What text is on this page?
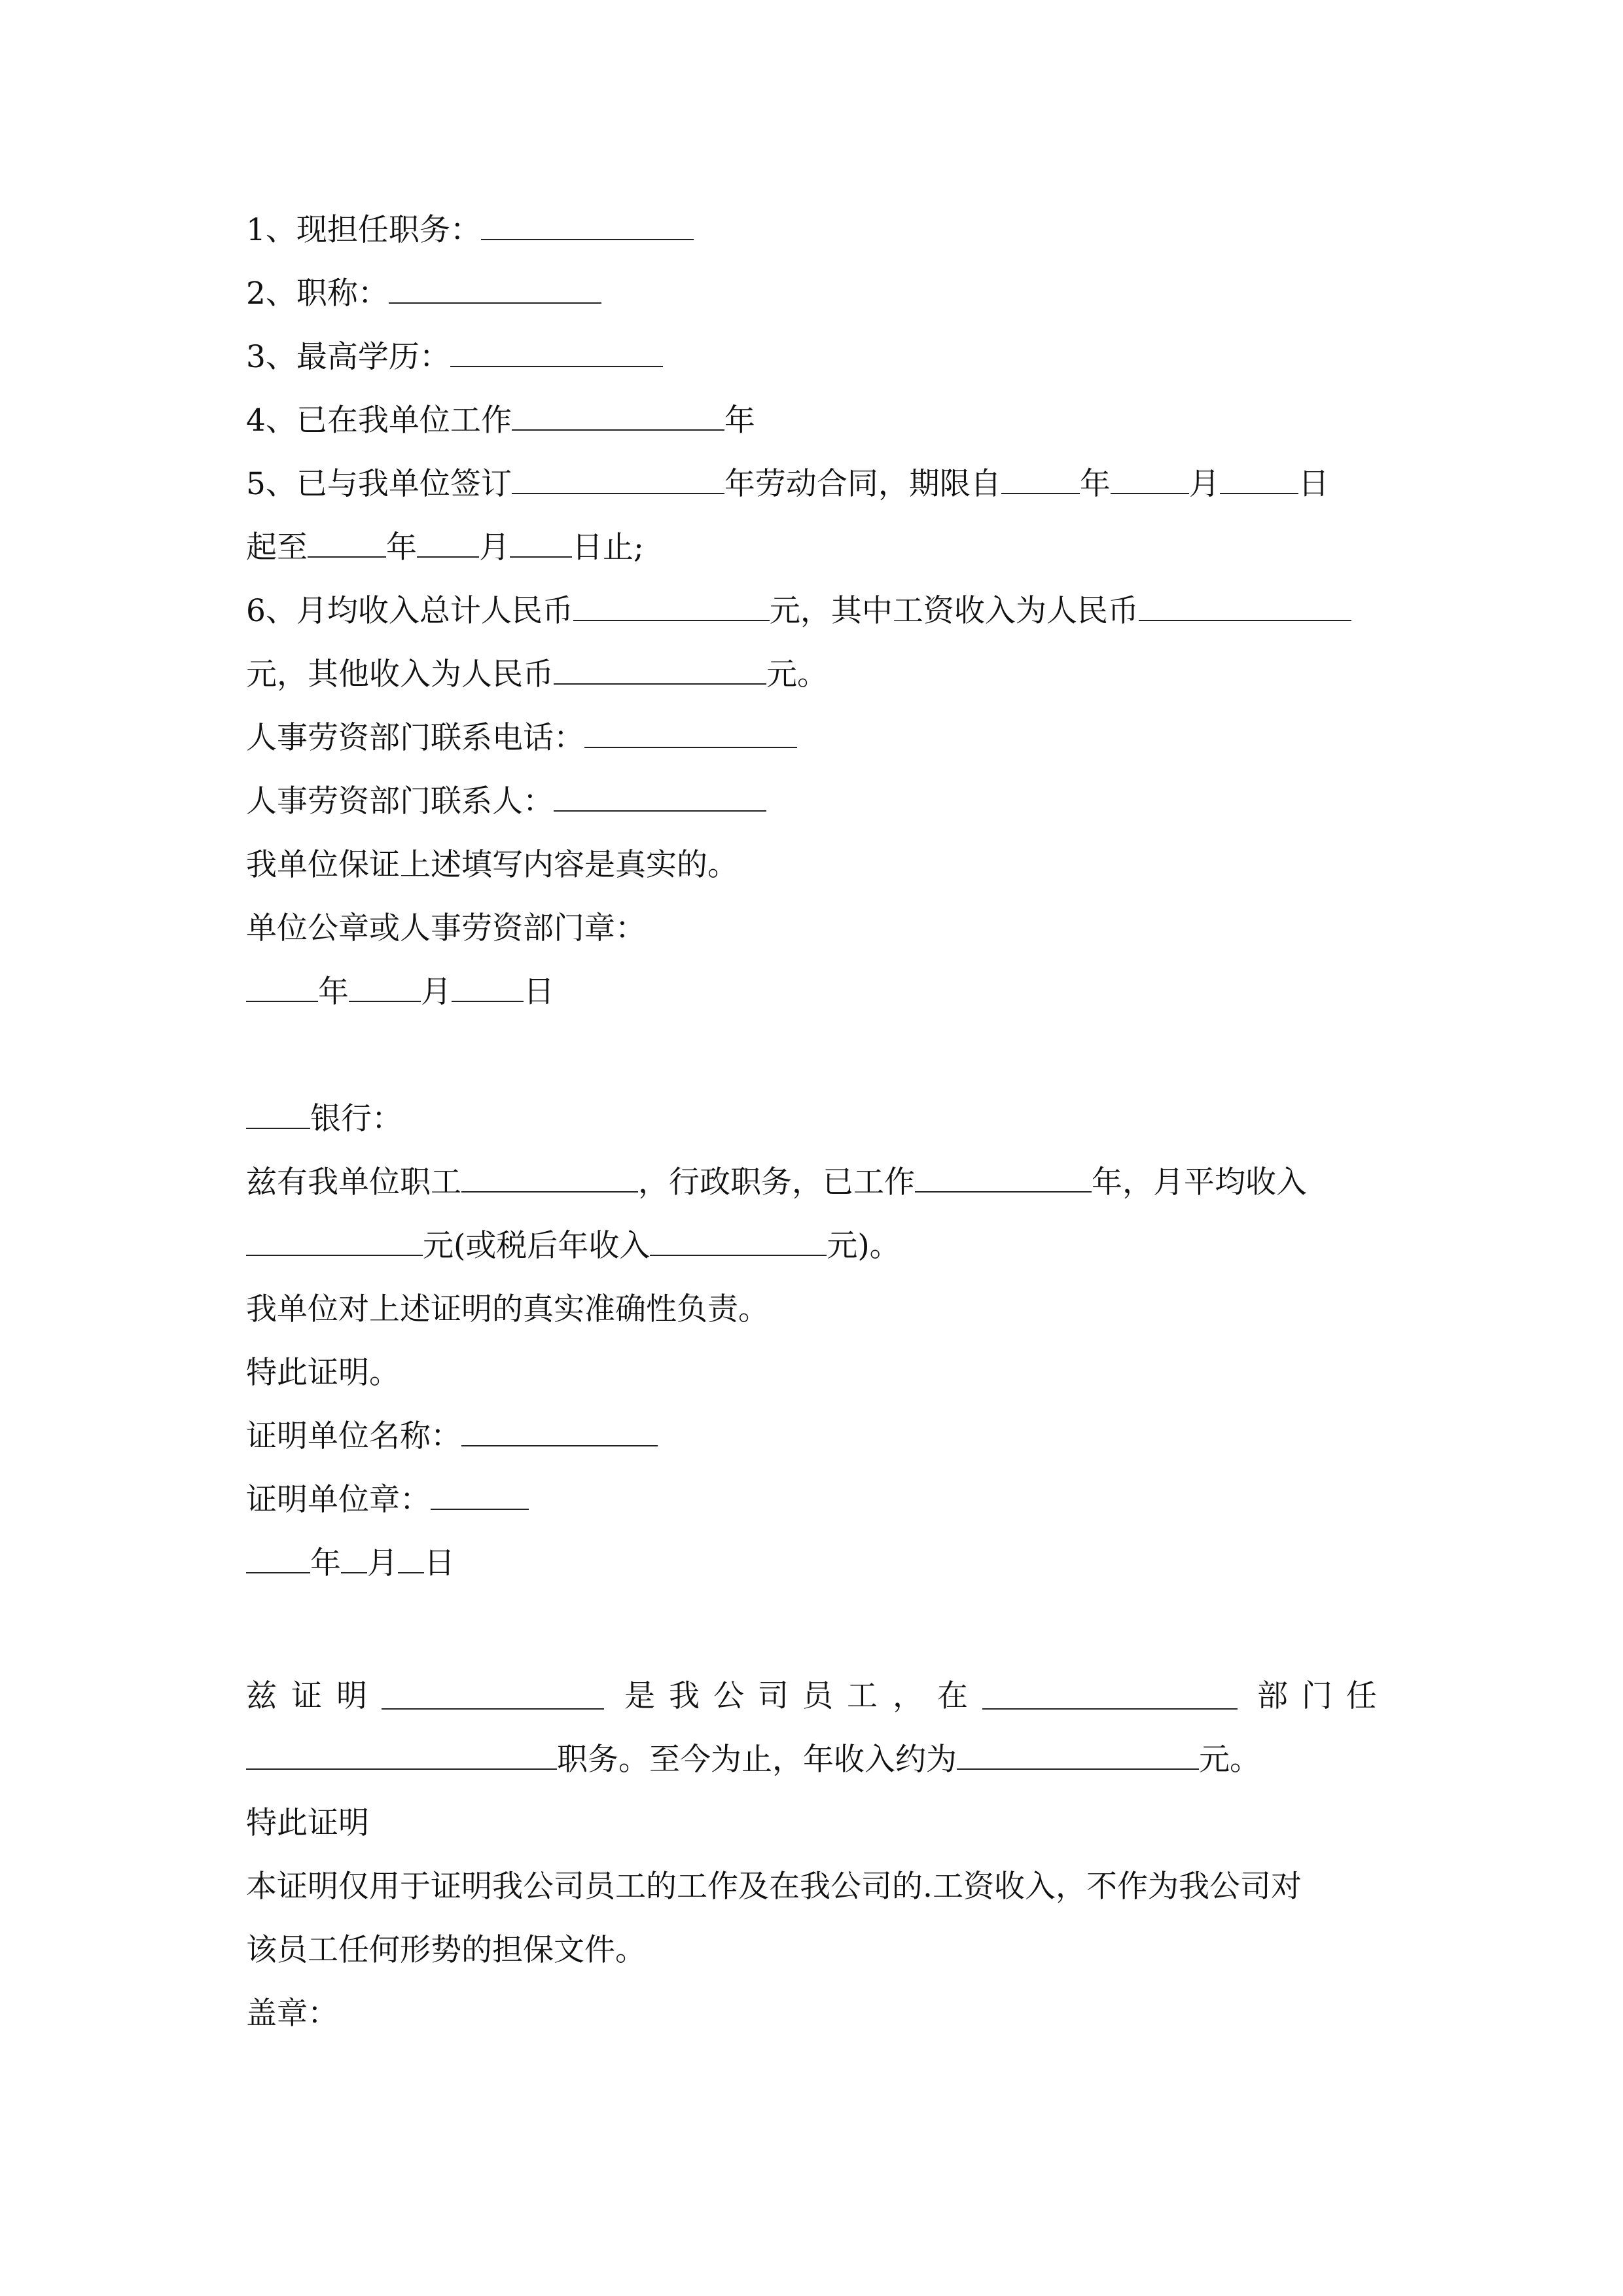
1、现担任职务：
2、职称：
3、最高学历：
4、已在我单位工作	年
5、已与我单位签订	年劳动合同，期限自	年	月	日
起至	年 月 日止;
6、月均收入总计人民币	元，其中工资收入为人民币
元，其他收入为人民币	元。
人事劳资部门联系电话：
人事劳资部门联系人：
我单位保证上述填写内容是真实的。
单位公章或人事劳资部门章：
年 月 日
银行：
兹有我单位职工	，行政职务，已工作	年，月平均收入
元(或税后年收入	元)。
我单位对上述证明的真实准确性负责。
特此证明。
证明单位名称：
证明单位章：
年 月 日
兹 证 明	是 我 公 司 员 工 ， 在	部 门 任
职务。至今为止，年收入约为	元。
特此证明
本证明仅用于证明我公司员工的工作及在我公司的.工资收入，不作为我公司对
该员工任何形势的担保文件。
盖章：
